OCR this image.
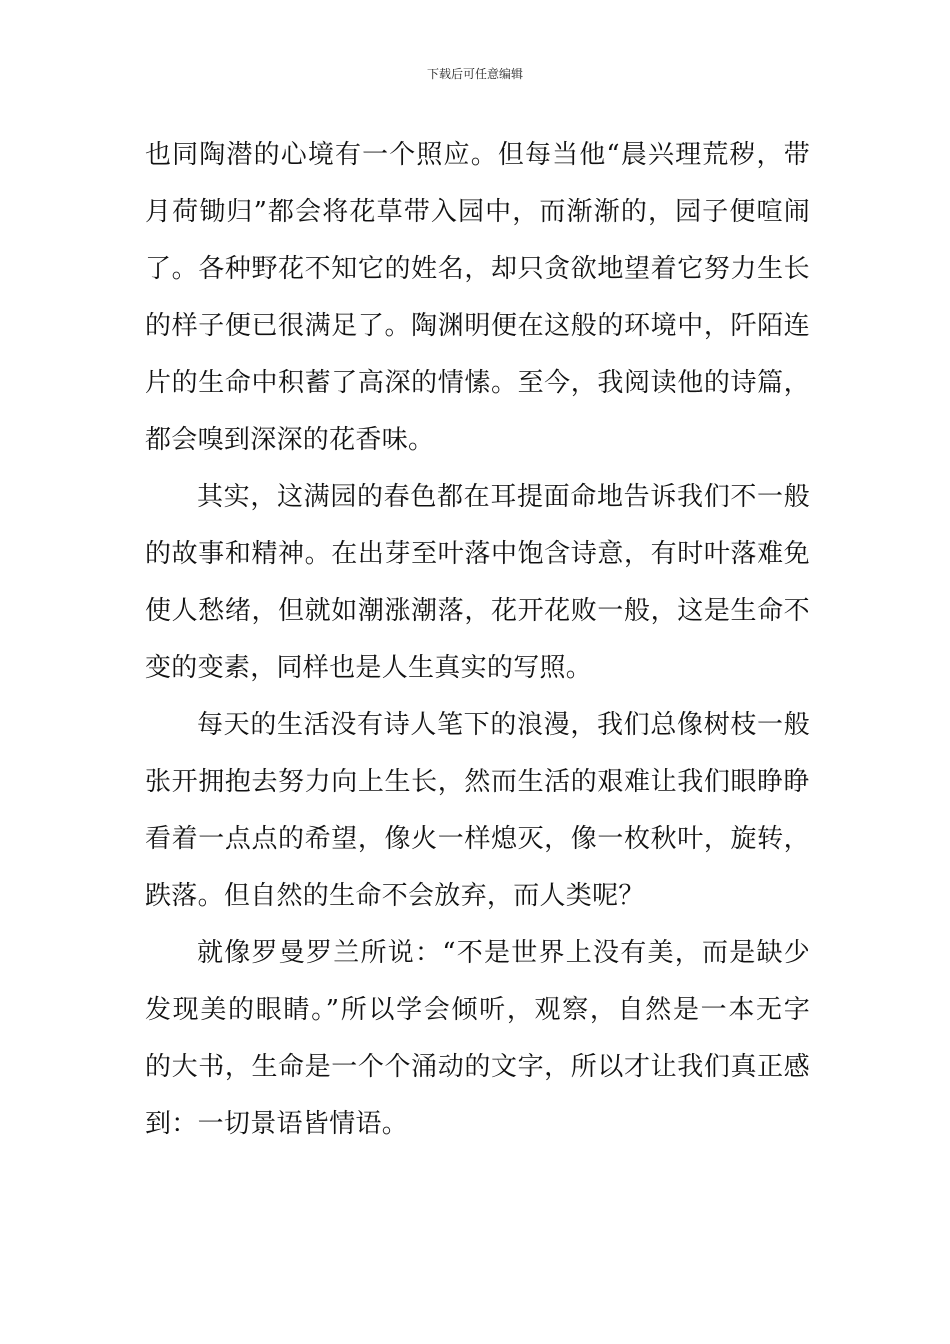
下载后可任意编辑
也同陶潜的心境有一个照应。但每当他“晨兴理荒秽，带
月荷锄归”都会将花草带入园中，而渐渐的，园子便喧闹
了。各种野花不知它的姓名，却只贪欲地望着它努力生长
的样子便已很满足了。陶渊明便在这般的环境中，阡陌连
片的生命中积蓄了高深的情愫。至今，我阅读他的诗篇，
都会嗅到深深的花香味。
其实，这满园的春色都在耳提面命地告诉我们不一般
的故事和精神。在出芽至叶落中饱含诗意，有时叶落难免
使人愁绪，但就如潮涨潮落，花开花败一般，这是生命不
变的变素，同样也是人生真实的写照。
每天的生活没有诗人笔下的浪漫，我们总像树枝一般
张开拥抱去努力向上生长，然而生活的艰难让我们眼睁睁
看着一点点的希望，像火一样熄灭，像一枚秋叶，旋转，
跌落。但自然的生命不会放弃，而人类呢？
就像罗曼罗兰所说：“不是世界上没有美，而是缺少
发现美的眼睛。”所以学会倾听，观察，自然是一本无字
的大书，生命是一个个涌动的文字，所以才让我们真正感
到：一切景语皆情语。
